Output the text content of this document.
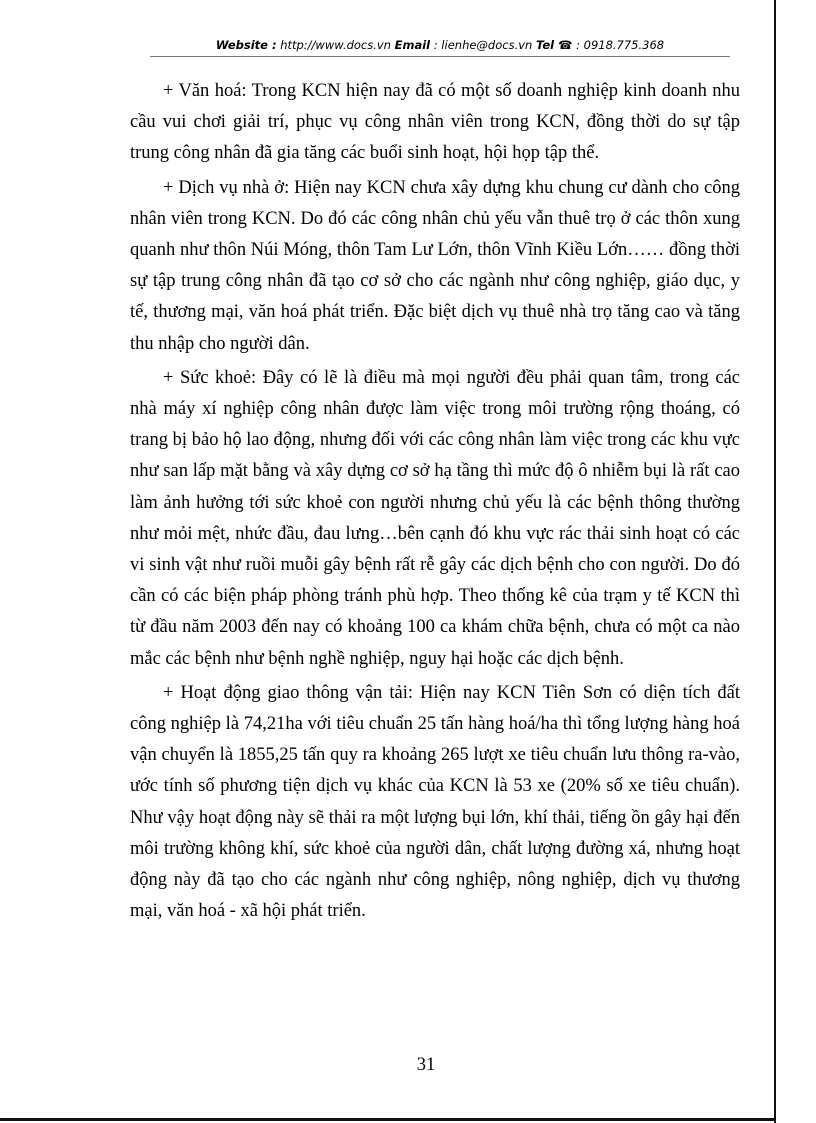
Website : http://www.docs.vn Email : lienhe@docs.vn Tel ☎ : 0918.775.368

+ Văn hoá: Trong KCN hiện nay đã có một số doanh nghiệp kinh doanh nhu cầu vui chơi giải trí, phục vụ công nhân viên trong KCN, đồng thời do sự tập trung công nhân đã gia tăng các buổi sinh hoạt, hội họp tập thể.

+ Dịch vụ nhà ở: Hiện nay KCN chưa xây dựng khu chung cư dành cho công nhân viên trong KCN. Do đó các công nhân chủ yếu vẫn thuê trọ ở các thôn xung quanh như thôn Núi Móng, thôn Tam Lư Lớn, thôn Vĩnh Kiều Lớn…… đồng thời sự tập trung công nhân đã tạo cơ sở cho các ngành như công nghiệp, giáo dục, y tế, thương mại, văn hoá phát triển. Đặc biệt dịch vụ thuê nhà trọ tăng cao và tăng thu nhập cho người dân.

+ Sức khoẻ: Đây có lẽ là điều mà mọi người đều phải quan tâm, trong các nhà máy xí nghiệp công nhân được làm việc trong môi trường rộng thoáng, có trang bị bảo hộ lao động, nhưng đối với các công nhân làm việc trong các khu vực như san lấp mặt bằng và xây dựng cơ sở hạ tầng thì mức độ ô nhiễm bụi là rất cao làm ảnh hưởng tới sức khoẻ con người nhưng chủ yếu là các bệnh thông thường như mỏi mệt, nhức đầu, đau lưng…bên cạnh đó khu vực rác thải sinh hoạt có các vi sinh vật như ruồi muỗi gây bệnh rất rễ gây các dịch bệnh cho con người. Do đó cần có các biện pháp phòng tránh phù hợp. Theo thống kê của trạm y tế KCN thì từ đầu năm 2003 đến nay có khoảng 100 ca khám chữa bệnh, chưa có một ca nào mắc các bệnh như bệnh nghề nghiệp, nguy hại hoặc các dịch bệnh.

+ Hoạt động giao thông vận tải: Hiện nay KCN Tiên Sơn có diện tích đất công nghiệp là 74,21ha với tiêu chuẩn 25 tấn hàng hoá/ha thì tổng lượng hàng hoá vận chuyển là 1855,25 tấn quy ra khoảng 265 lượt xe tiêu chuẩn lưu thông ra-vào, ước tính số phương tiện dịch vụ khác của KCN là 53 xe (20% số xe tiêu chuẩn). Như vậy hoạt động này sẽ thải ra một lượng bụi lớn, khí thải, tiếng ồn gây hại đến môi trường không khí, sức khoẻ của người dân, chất lượng đường xá, nhưng hoạt động này đã tạo cho các ngành như công nghiệp, nông nghiệp, dịch vụ thương mại, văn hoá - xã hội phát triển.

31
